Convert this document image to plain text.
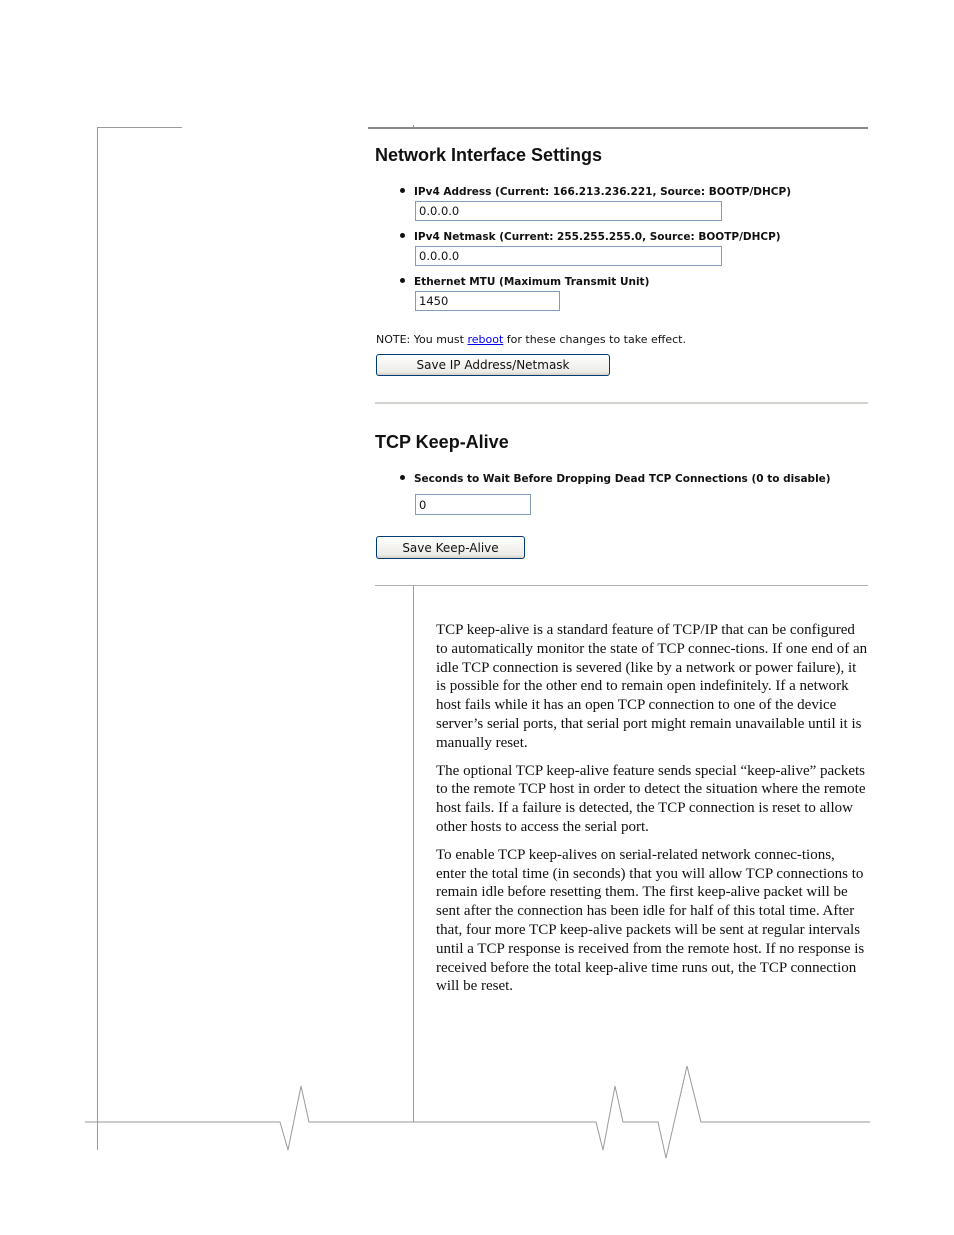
Network Interface Settings
IPv4 Address (Current: 166.213.236.221, Source: BOOTP/DHCP)
0.0.0.0
IPv4 Netmask (Current: 255.255.255.0, Source: BOOTP/DHCP)
0.0.0.0
Ethernet MTU (Maximum Transmit Unit)
1450
NOTE: You must reboot for these changes to take effect.
Save IP Address/Netmask
TCP Keep-Alive
Seconds to Wait Before Dropping Dead TCP Connections (0 to disable)
0
Save Keep-Alive

TCP keep-alive is a standard feature of TCP/IP that can be configured to automatically monitor the state of TCP connec-tions. If one end of an idle TCP connection is severed (like by a network or power failure), it is possible for the other end to remain open indefinitely. If a network host fails while it has an open TCP connection to one of the device server’s serial ports, that serial port might remain unavailable until it is manually reset.

The optional TCP keep-alive feature sends special “keep-alive” packets to the remote TCP host in order to detect the situation where the remote host fails. If a failure is detected, the TCP connection is reset to allow other hosts to access the serial port.

To enable TCP keep-alives on serial-related network connec-tions, enter the total time (in seconds) that you will allow TCP connections to remain idle before resetting them. The first keep-alive packet will be sent after the connection has been idle for half of this total time. After that, four more TCP keep-alive packets will be sent at regular intervals until a TCP response is received from the remote host. If no response is received before the total keep-alive time runs out, the TCP connection will be reset.
